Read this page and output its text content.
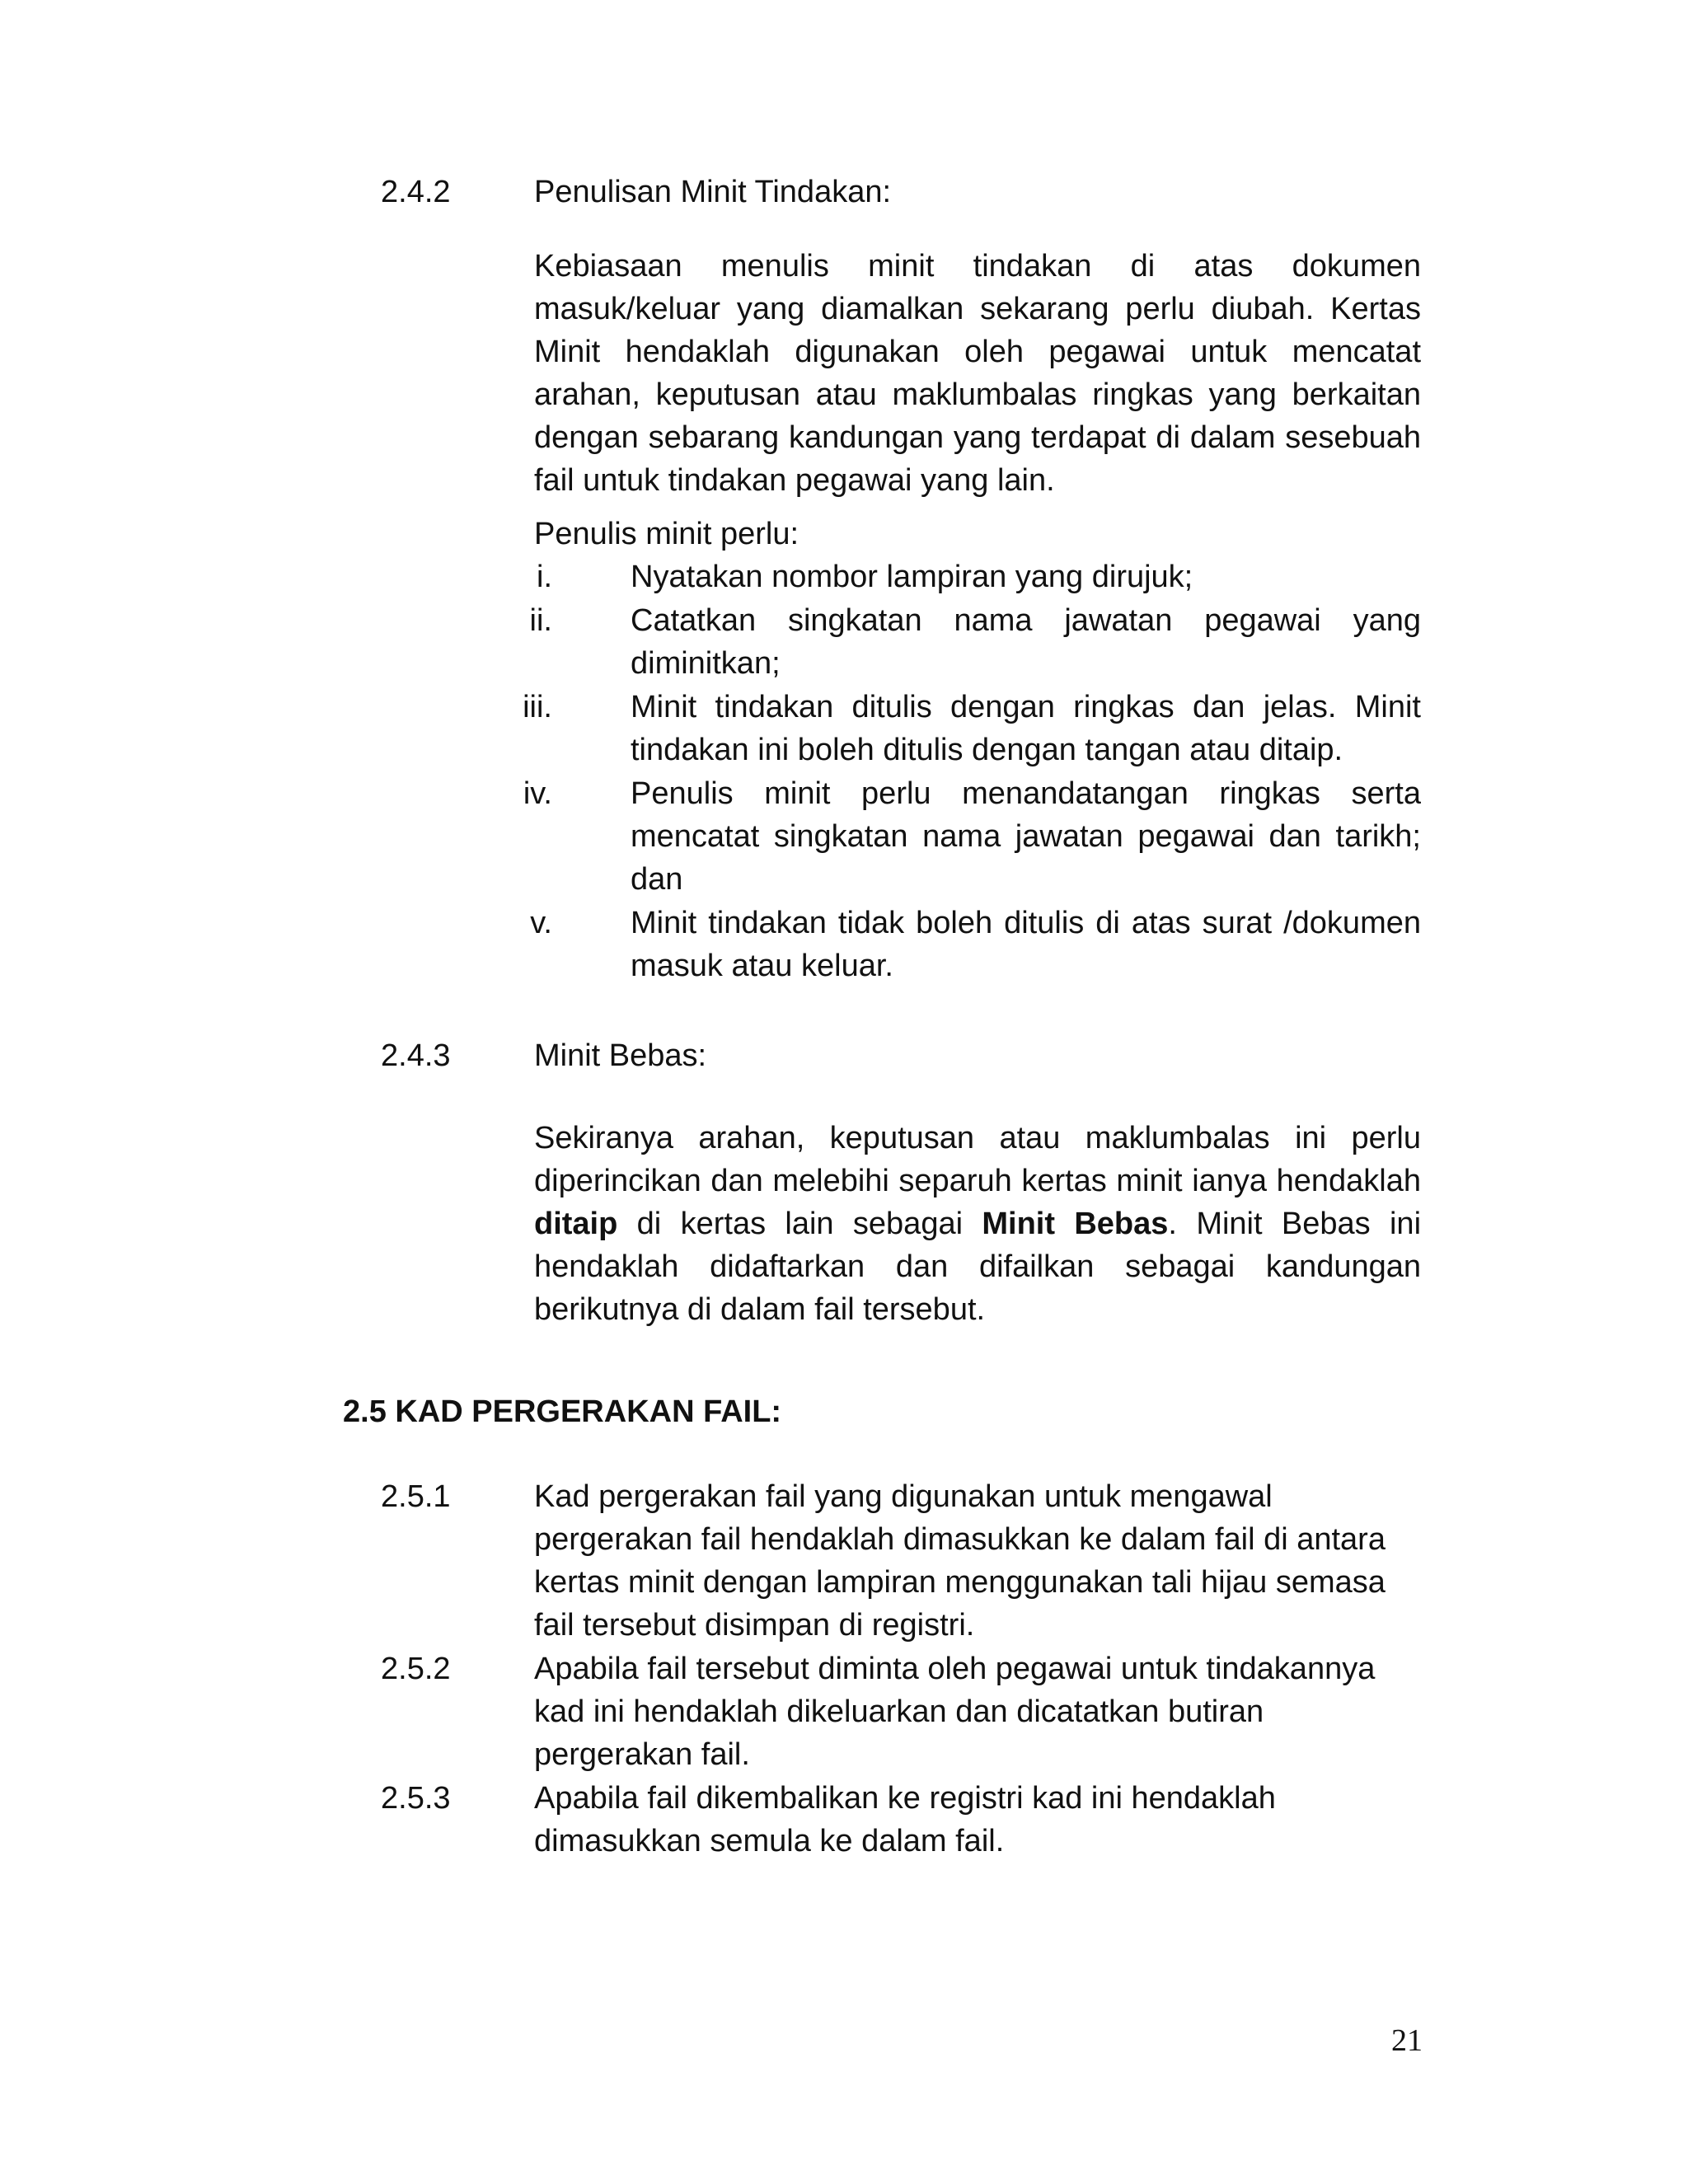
2.4.2	Penulisan Minit Tindakan:
Kebiasaan menulis minit tindakan di atas dokumen masuk/keluar yang diamalkan sekarang perlu diubah. Kertas Minit hendaklah digunakan oleh pegawai untuk mencatat arahan, keputusan atau maklumbalas ringkas yang berkaitan dengan sebarang kandungan yang terdapat di dalam sesebuah fail untuk tindakan pegawai yang lain.
Penulis minit perlu:
i.	Nyatakan nombor lampiran yang dirujuk;
ii.	Catatkan singkatan nama jawatan pegawai yang diminitkan;
iii.	Minit tindakan ditulis dengan ringkas dan jelas. Minit tindakan ini boleh ditulis dengan tangan atau ditaip.
iv.	Penulis minit perlu menandatangan ringkas serta mencatat singkatan nama jawatan pegawai dan tarikh; dan
v.	Minit tindakan tidak boleh ditulis di atas surat /dokumen masuk atau keluar.
2.4.3	Minit Bebas:
Sekiranya arahan, keputusan atau maklumbalas ini perlu diperincikan dan melebihi separuh kertas minit ianya hendaklah ditaip di kertas lain sebagai Minit Bebas. Minit Bebas ini hendaklah didaftarkan dan difailkan sebagai kandungan berikutnya di dalam fail tersebut.
2.5 KAD PERGERAKAN FAIL:
2.5.1	Kad pergerakan fail yang digunakan untuk mengawal pergerakan fail hendaklah dimasukkan ke dalam fail di antara kertas minit dengan lampiran menggunakan tali hijau semasa fail tersebut disimpan di registri.
2.5.2	Apabila fail tersebut diminta oleh pegawai untuk tindakannya kad ini hendaklah dikeluarkan dan dicatatkan butiran pergerakan fail.
2.5.3	Apabila fail dikembalikan ke registri kad ini hendaklah dimasukkan semula ke dalam fail.
21
